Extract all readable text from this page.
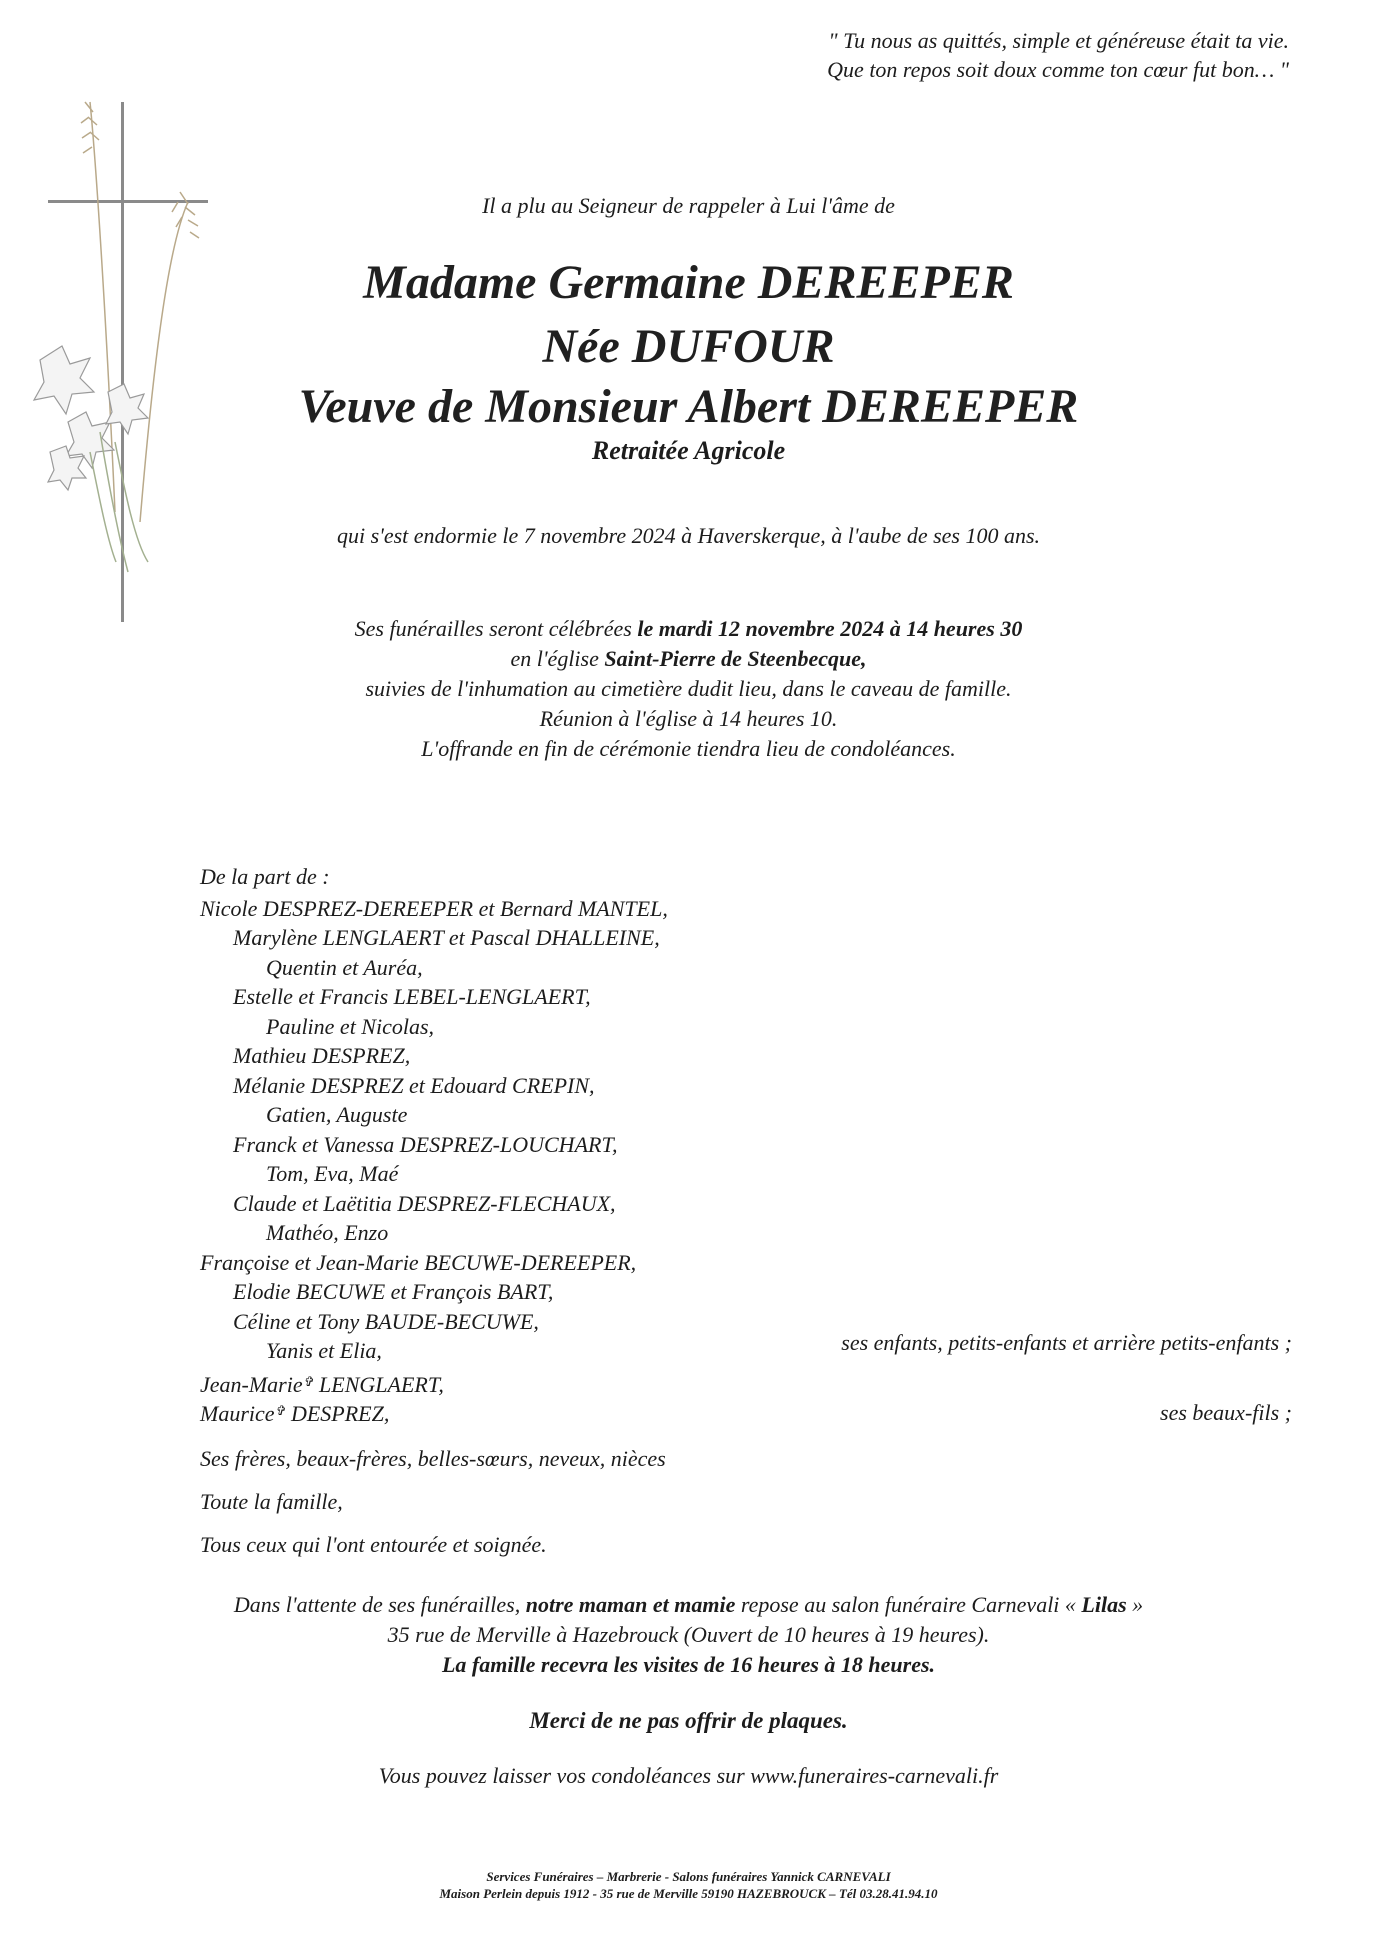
" Tu nous as quittés, simple et généreuse était ta vie.
Que ton repos soit doux comme ton cœur fut bon… "
Il a plu au Seigneur de rappeler à Lui l'âme de
Madame Germaine DEREEPER
Née DUFOUR
Veuve de Monsieur Albert DEREEPER
Retraitée Agricole
qui s'est endormie le 7 novembre 2024 à Haverskerque, à l'aube de ses 100 ans.
Ses funérailles seront célébrées le mardi 12 novembre 2024 à 14 heures 30
en l'église Saint-Pierre de Steenbecque,
suivies de l'inhumation au cimetière dudit lieu, dans le caveau de famille.
Réunion à l'église à 14 heures 10.
L'offrande en fin de cérémonie tiendra lieu de condoléances.
De la part de :
Nicole DESPREZ-DEREEPER et Bernard MANTEL,
Marylène LENGLAERT et Pascal DHALLEINE,
Quentin et Auréa,
Estelle et Francis LEBEL-LENGLAERT,
Pauline et Nicolas,
Mathieu DESPREZ,
Mélanie DESPREZ et Edouard CREPIN,
Gatien, Auguste
Franck et Vanessa DESPREZ-LOUCHART,
Tom, Eva, Maé
Claude et Laëtitia DESPREZ-FLECHAUX,
Mathéo, Enzo
Françoise et Jean-Marie BECUWE-DEREEPER,
Elodie BECUWE et François BART,
Céline et Tony BAUDE-BECUWE,
Yanis et Elia,	ses enfants, petits-enfants et arrière petits-enfants ;
Jean-Marie✞ LENGLAERT,
Maurice✞ DESPREZ,	ses beaux-fils ;
Ses frères, beaux-frères, belles-sœurs, neveux, nièces
Toute la famille,
Tous ceux qui l'ont entourée et soignée.
Dans l'attente de ses funérailles, notre maman et mamie repose au salon funéraire Carnevali « Lilas »
35 rue de Merville à Hazebrouck (Ouvert de 10 heures à 19 heures).
La famille recevra les visites de 16 heures à 18 heures.
Merci de ne pas offrir de plaques.
Vous pouvez laisser vos condoléances sur www.funeraires-carnevali.fr
Services Funéraires – Marbrerie - Salons funéraires Yannick CARNEVALI
Maison Perlein depuis 1912 - 35 rue de Merville 59190 HAZEBROUCK – Tél 03.28.41.94.10
